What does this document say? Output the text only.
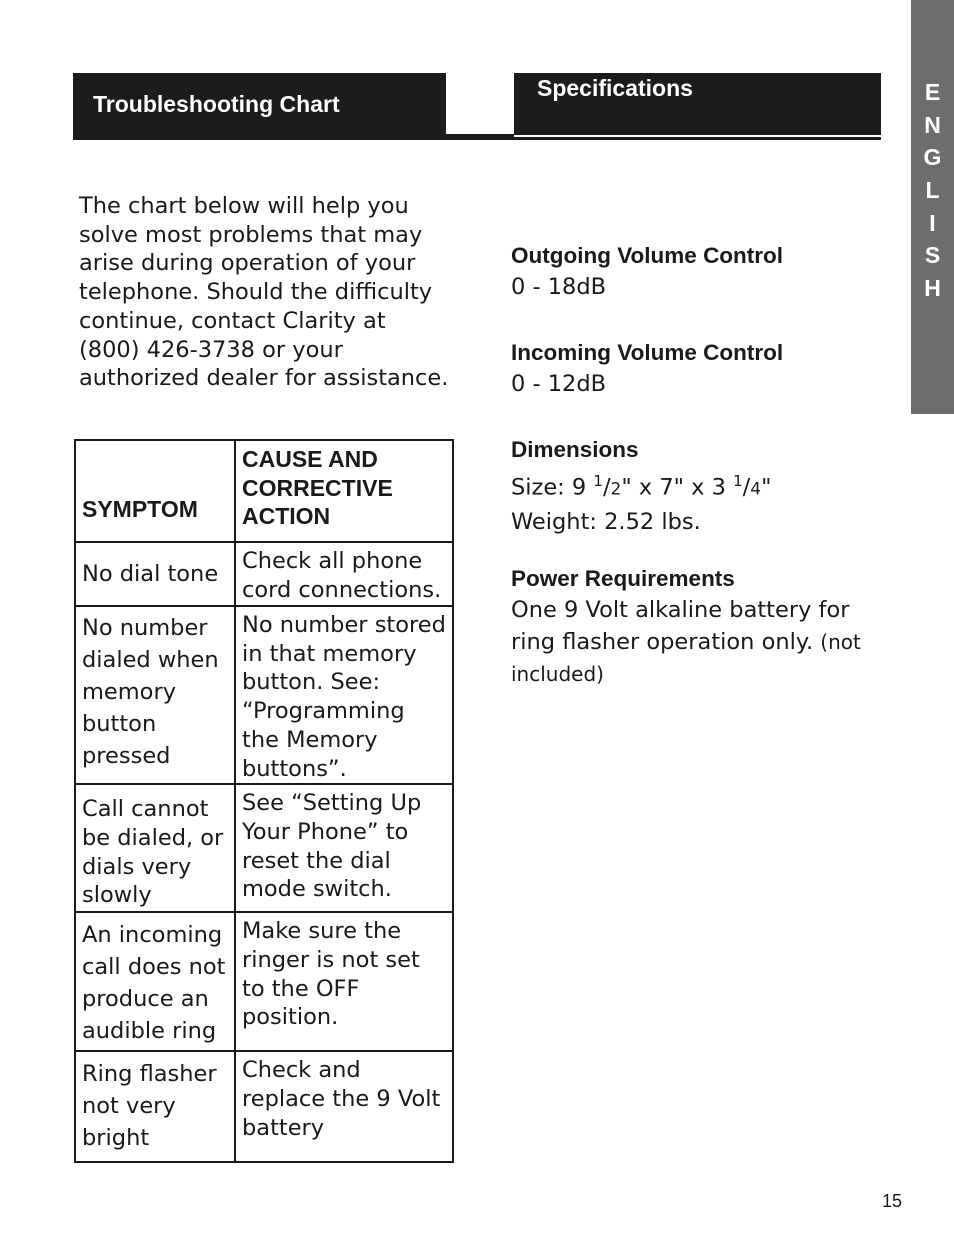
Troubleshooting Chart
Specifications	E
N
G
L
I
S
H

The chart below will help you solve most problems that may arise during operation of your telephone. Should the difficulty continue, contact Clarity at (800) 426-3738 or your authorized dealer for assistance.

SYMPTOM	CAUSE AND CORRECTIVE ACTION
No dial tone	Check all phone cord connections.
No number dialed when memory button pressed	No number stored in that memory button. See: “Programming the Memory buttons”.
Call cannot be dialed, or dials very slowly	See “Setting Up Your Phone” to reset the dial mode switch.
An incoming call does not produce an audible ring	Make sure the ringer is not set to the OFF position.
Ring flasher not very bright	Check and replace the 9 Volt battery
Outgoing Volume Control
0 - 18dB
Incoming Volume Control
0 - 12dB
Dimensions
Size: 9 $^1$/2" x 7" x 3 $^1$/4"
Weight: 2.52 lbs.
Power Requirements
One 9 Volt alkaline battery for ring flasher operation only. (not included)
15
